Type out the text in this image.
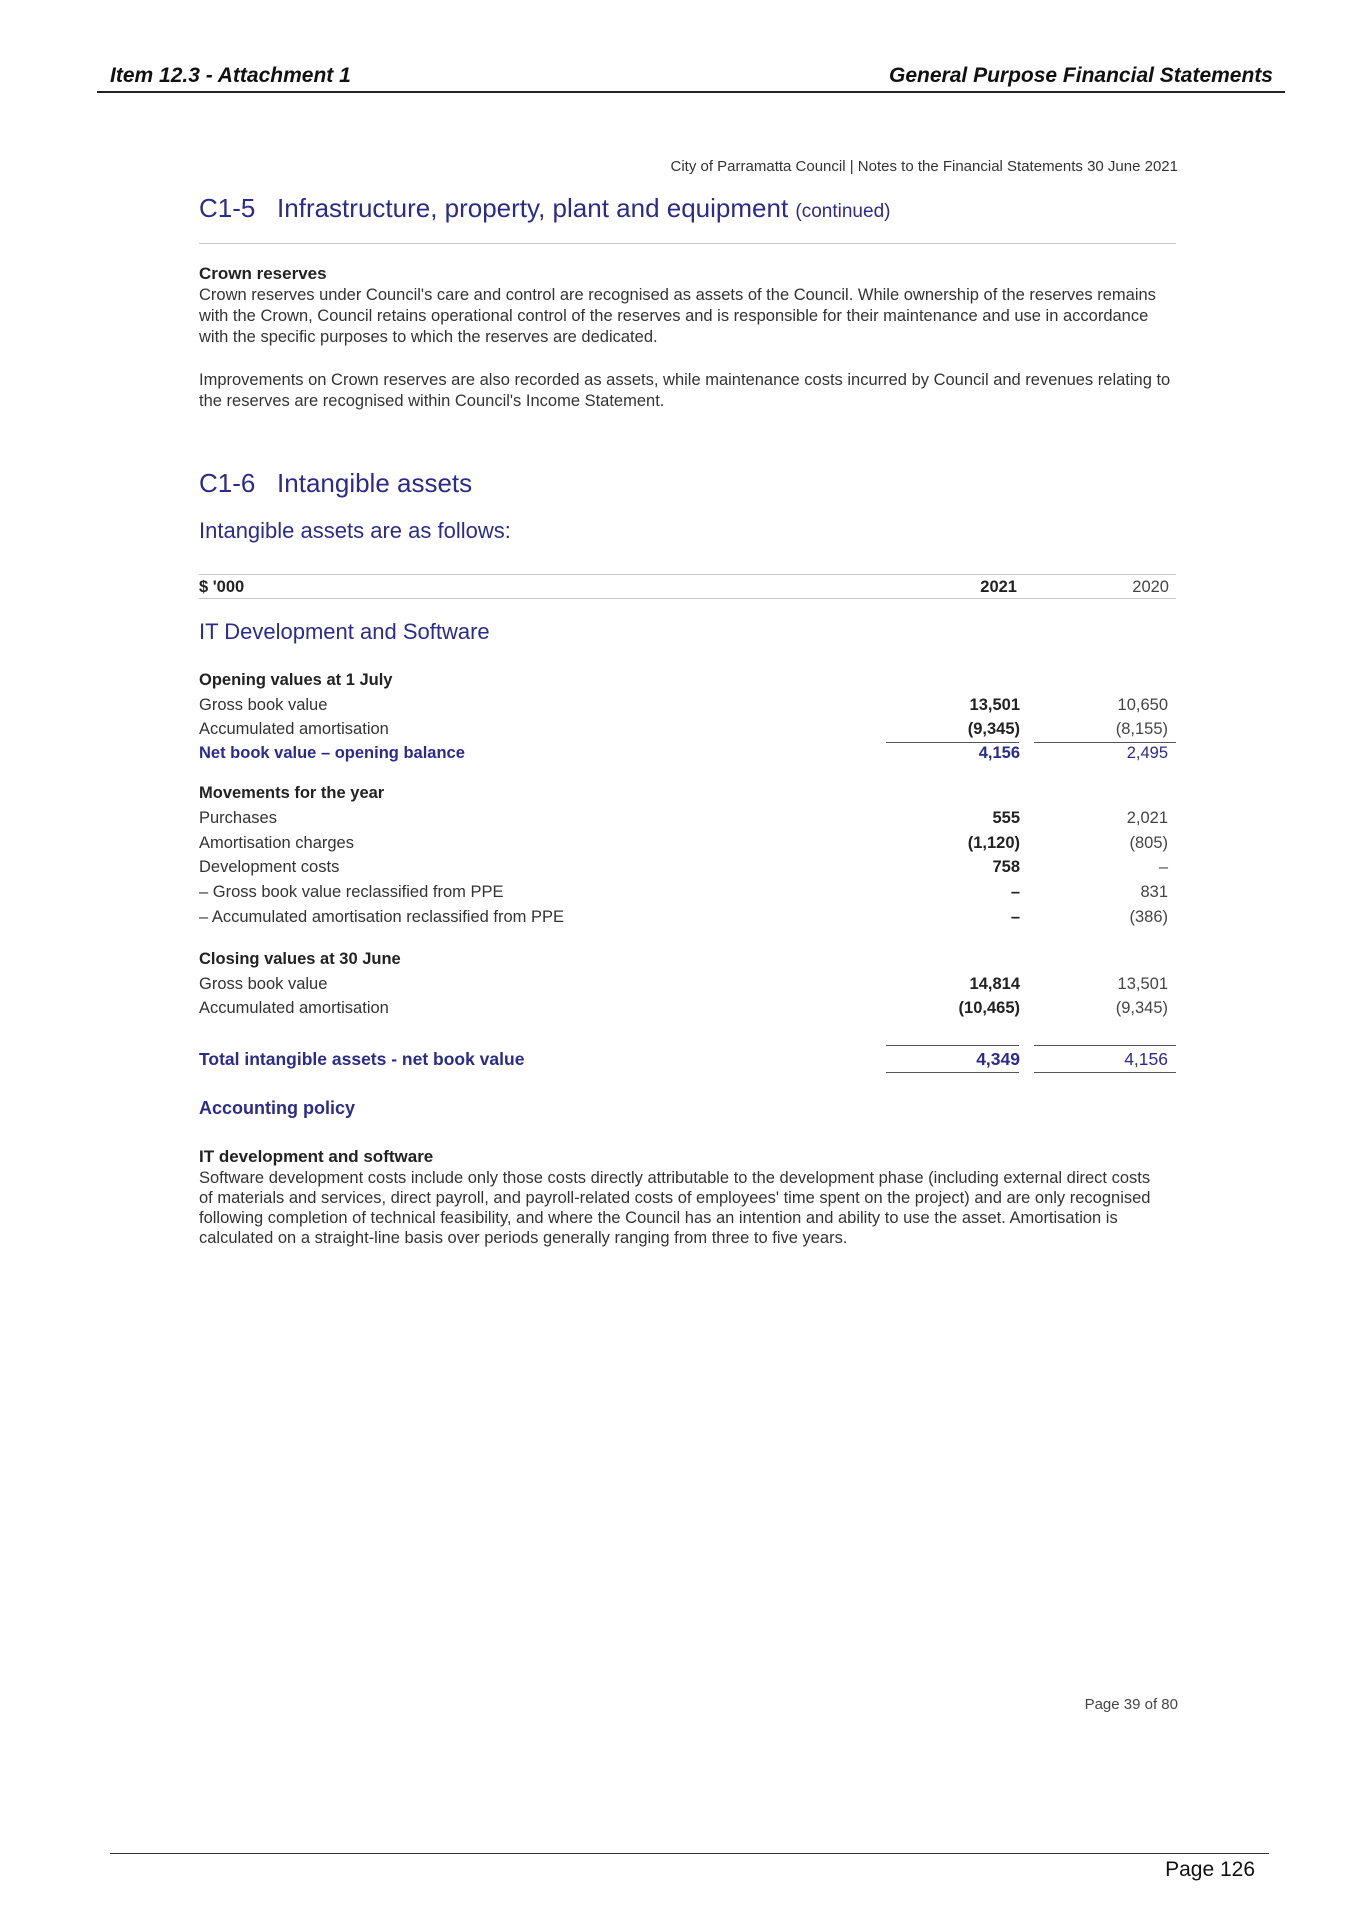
Item 12.3 - Attachment 1	General Purpose Financial Statements
City of Parramatta Council | Notes to the Financial Statements 30 June 2021
C1-5 Infrastructure, property, plant and equipment (continued)
Crown reserves
Crown reserves under Council's care and control are recognised as assets of the Council. While ownership of the reserves remains with the Crown, Council retains operational control of the reserves and is responsible for their maintenance and use in accordance with the specific purposes to which the reserves are dedicated.
Improvements on Crown reserves are also recorded as assets, while maintenance costs incurred by Council and revenues relating to the reserves are recognised within Council's Income Statement.
C1-6 Intangible assets
Intangible assets are as follows:
$ '000	2021	2020
IT Development and Software
Opening values at 1 July
Gross book value	13,501	10,650
Accumulated amortisation	(9,345)	(8,155)
Net book value – opening balance	4,156	2,495
Movements for the year
Purchases	555	2,021
Amortisation charges	(1,120)	(805)
Development costs	758	–
– Gross book value reclassified from PPE	–	831
– Accumulated amortisation reclassified from PPE	–	(386)
Closing values at 30 June
Gross book value	14,814	13,501
Accumulated amortisation	(10,465)	(9,345)
Total intangible assets - net book value	4,349	4,156
Accounting policy
IT development and software
Software development costs include only those costs directly attributable to the development phase (including external direct costs of materials and services, direct payroll, and payroll-related costs of employees' time spent on the project) and are only recognised following completion of technical feasibility, and where the Council has an intention and ability to use the asset. Amortisation is calculated on a straight-line basis over periods generally ranging from three to five years.
Page 39 of 80
Page 126
